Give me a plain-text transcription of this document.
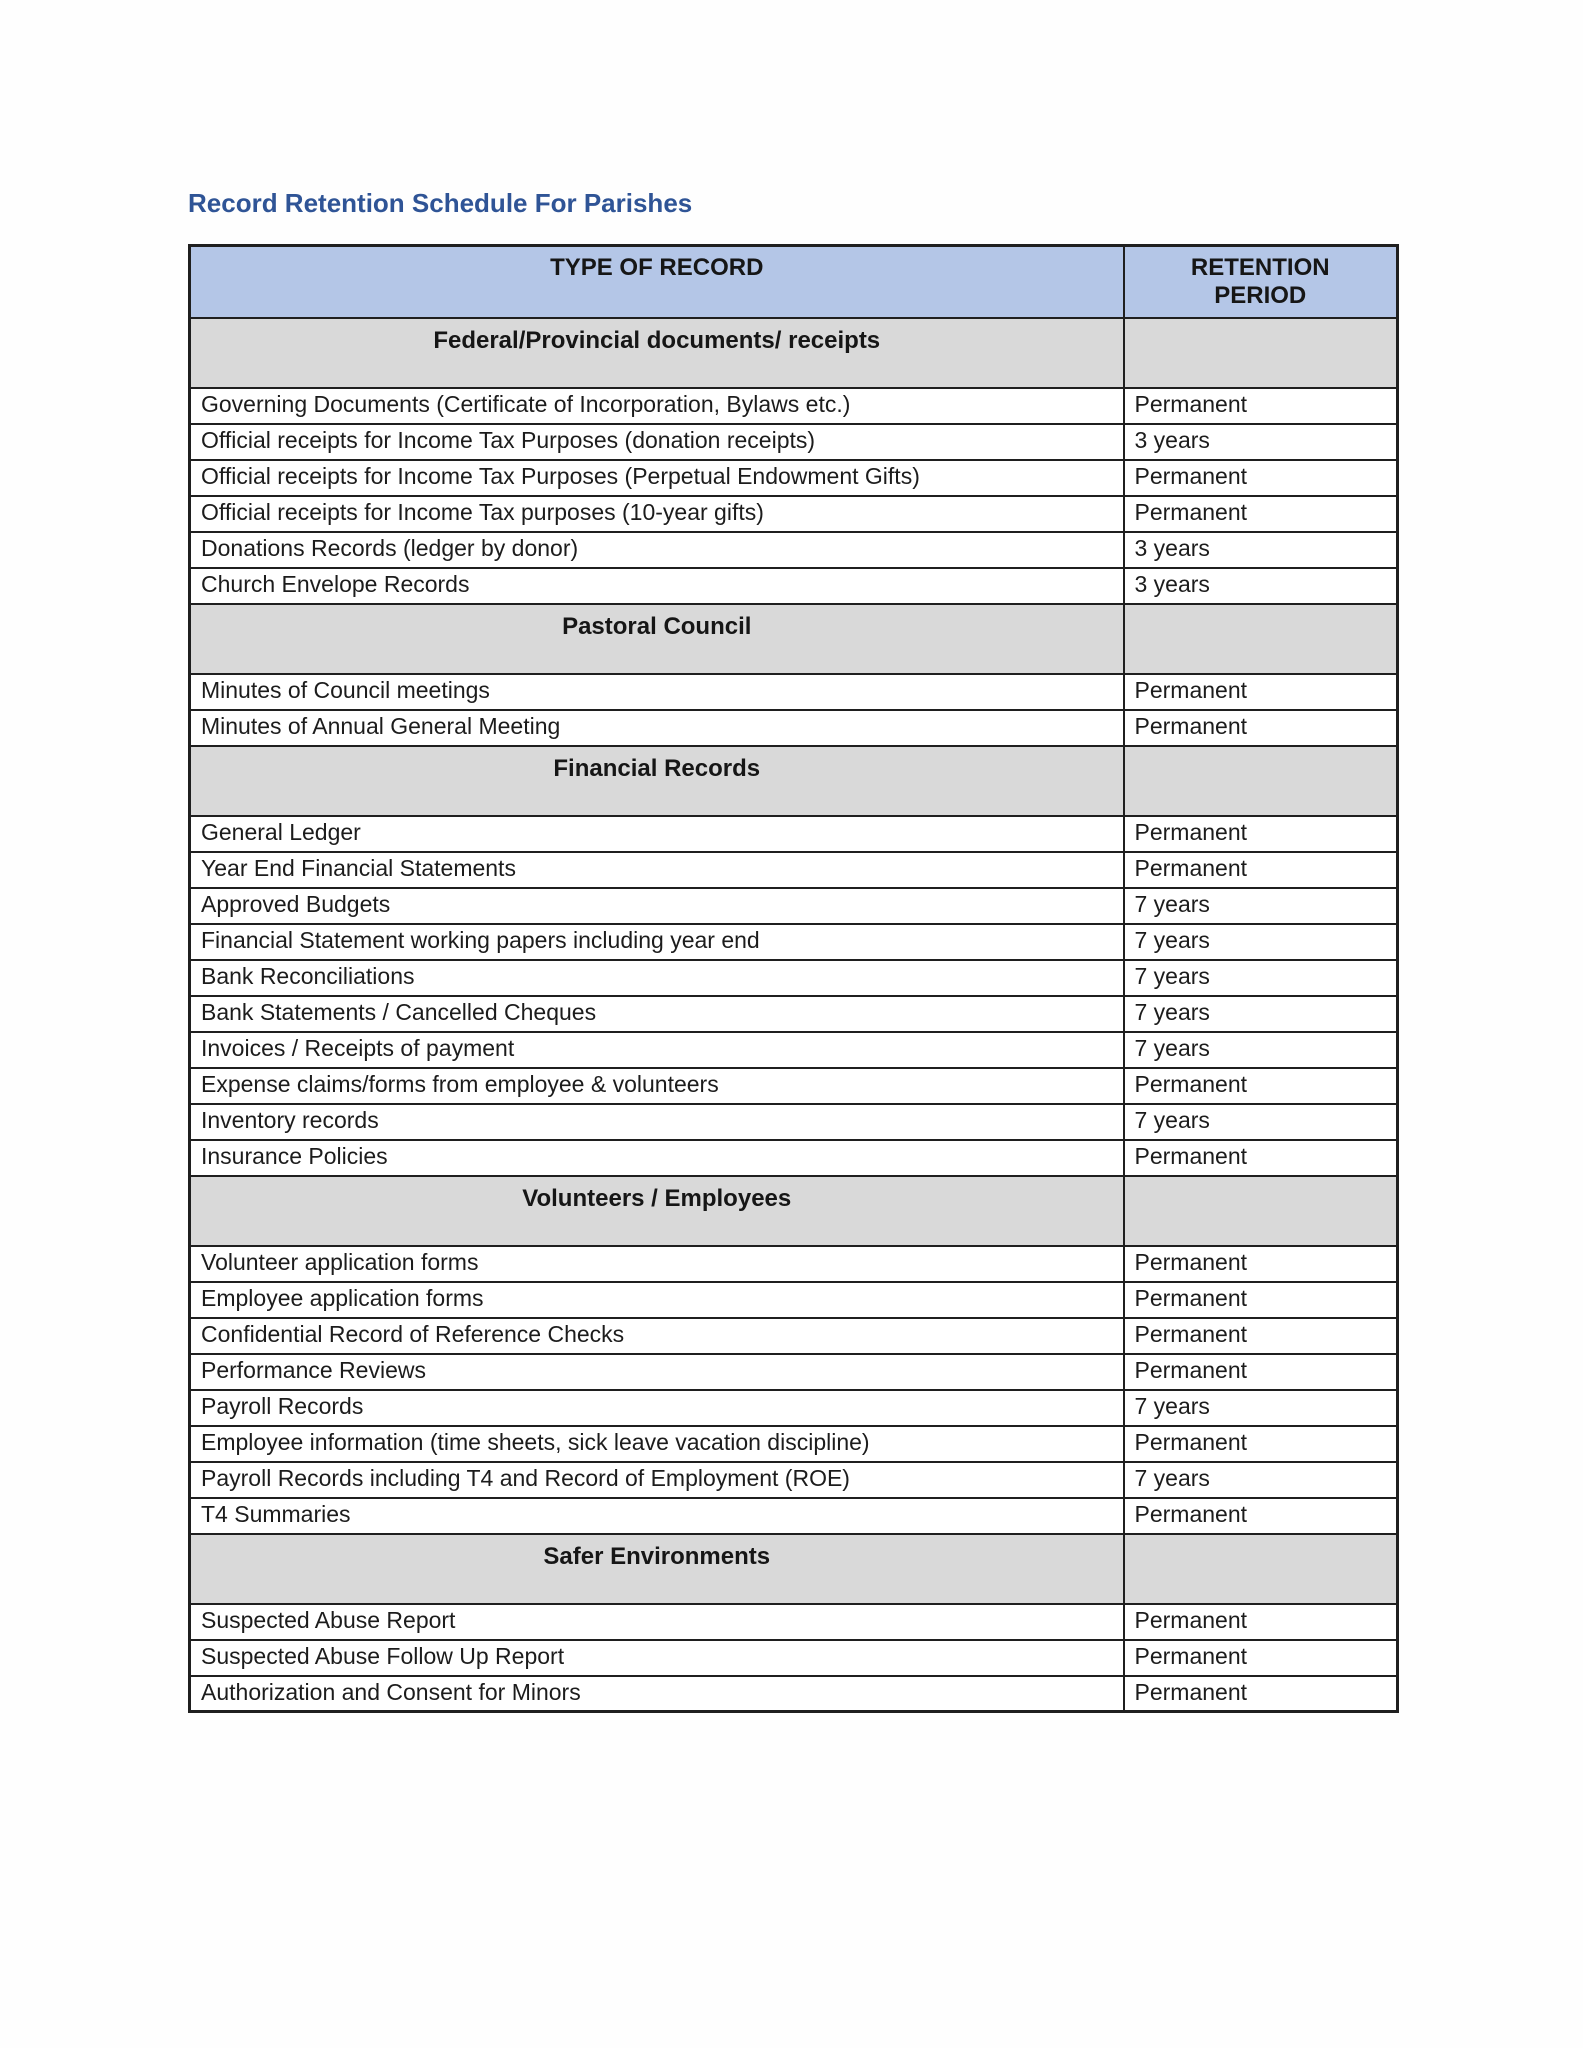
Record Retention Schedule For Parishes
TYPE OF RECORD	RETENTION PERIOD
Federal/Provincial documents/ receipts	
Governing Documents (Certificate of Incorporation, Bylaws etc.)	Permanent
Official receipts for Income Tax Purposes (donation receipts)	3 years
Official receipts for Income Tax Purposes (Perpetual Endowment Gifts)	Permanent
Official receipts for Income Tax purposes (10-year gifts)	Permanent
Donations Records (ledger by donor)	3 years
Church Envelope Records	3 years
Pastoral Council	
Minutes of Council meetings	Permanent
Minutes of Annual General Meeting	Permanent
Financial Records	
General Ledger	Permanent
Year End Financial Statements	Permanent
Approved Budgets	7 years
Financial Statement working papers including year end	7 years
Bank Reconciliations	7 years
Bank Statements / Cancelled Cheques	7 years
Invoices / Receipts of payment	7 years
Expense claims/forms from employee & volunteers	Permanent
Inventory records	7 years
Insurance Policies	Permanent
Volunteers / Employees	
Volunteer application forms	Permanent
Employee application forms	Permanent
Confidential Record of Reference Checks	Permanent
Performance Reviews	Permanent
Payroll Records	7 years
Employee information (time sheets, sick leave vacation discipline)	Permanent
Payroll Records including T4 and Record of Employment (ROE)	7 years
T4 Summaries	Permanent
Safer Environments	
Suspected Abuse Report	Permanent
Suspected Abuse Follow Up Report	Permanent
Authorization and Consent for Minors	Permanent
